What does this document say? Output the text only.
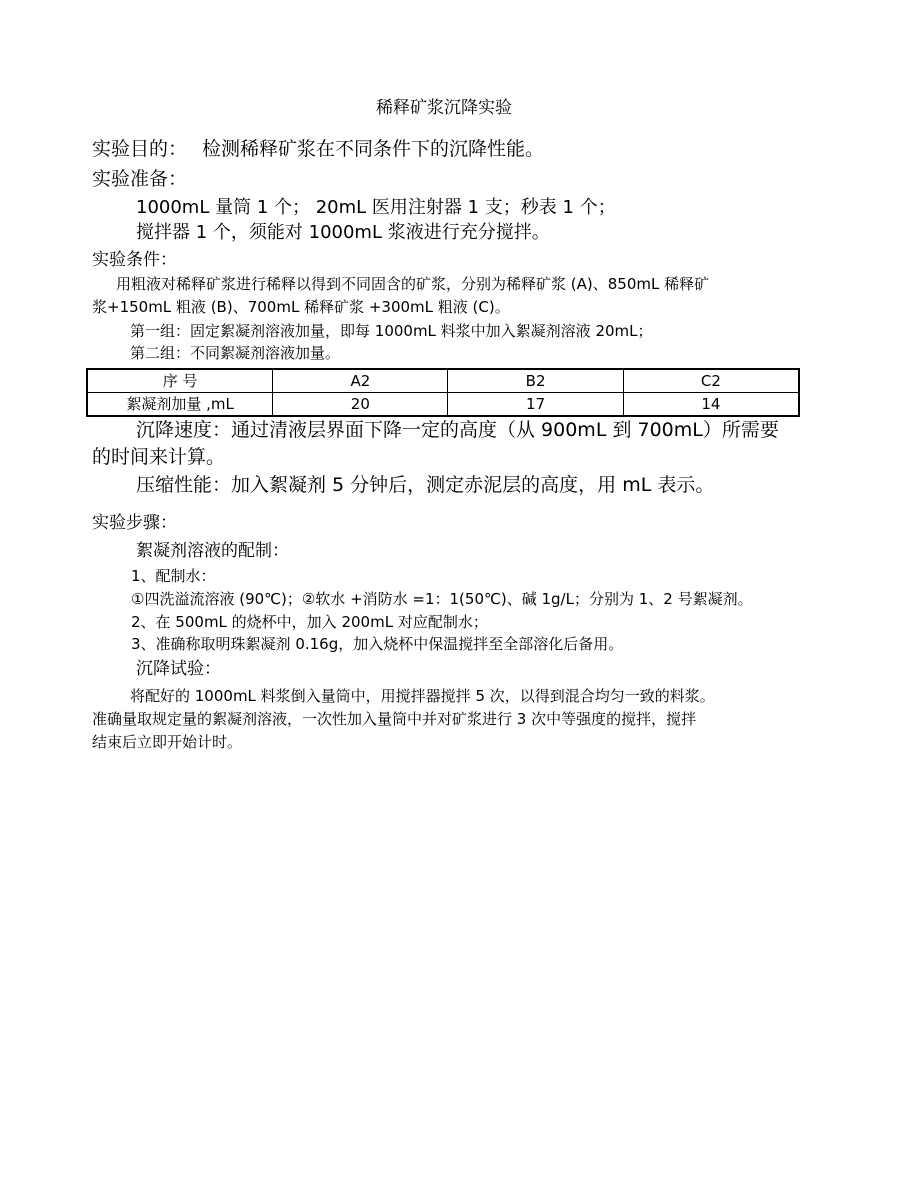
稀释矿浆沉降实验
实验目的： 检测稀释矿浆在不同条件下的沉降性能。
实验准备：
1000mL 量筒 1 个； 20mL 医用注射器 1 支；秒表 1 个；
搅拌器 1 个，须能对 1000mL 浆液进行充分搅拌。
实验条件：
用粗液对稀释矿浆进行稀释以得到不同固含的矿浆，分别为稀释矿浆 (A)、850mL 稀释矿
浆+150mL 粗液 (B)、700mL 稀释矿浆 +300mL 粗液 (C)。
第一组：固定絮凝剂溶液加量，即每 1000mL 料浆中加入絮凝剂溶液 20mL；
第二组：不同絮凝剂溶液加量。
序 号	A2	B2	C2
絮凝剂加量 ,mL	20	17	14
沉降速度：通过清液层界面下降一定的高度（从 900mL 到 700mL）所需要
的时间来计算。
压缩性能：加入絮凝剂 5 分钟后，测定赤泥层的高度，用 mL 表示。
实验步骤：
絮凝剂溶液的配制：
1、配制水：
①四洗溢流溶液 (90℃)；②软水 +消防水 =1：1(50℃)、碱 1g/L；分别为 1、2 号絮凝剂。
2、在 500mL 的烧杯中，加入 200mL 对应配制水；
3、准确称取明珠絮凝剂 0.16g，加入烧杯中保温搅拌至全部溶化后备用。
沉降试验：
将配好的 1000mL 料浆倒入量筒中，用搅拌器搅拌 5 次，以得到混合均匀一致的料浆。
准确量取规定量的絮凝剂溶液，一次性加入量筒中并对矿浆进行 3 次中等强度的搅拌，搅拌
结束后立即开始计时。
